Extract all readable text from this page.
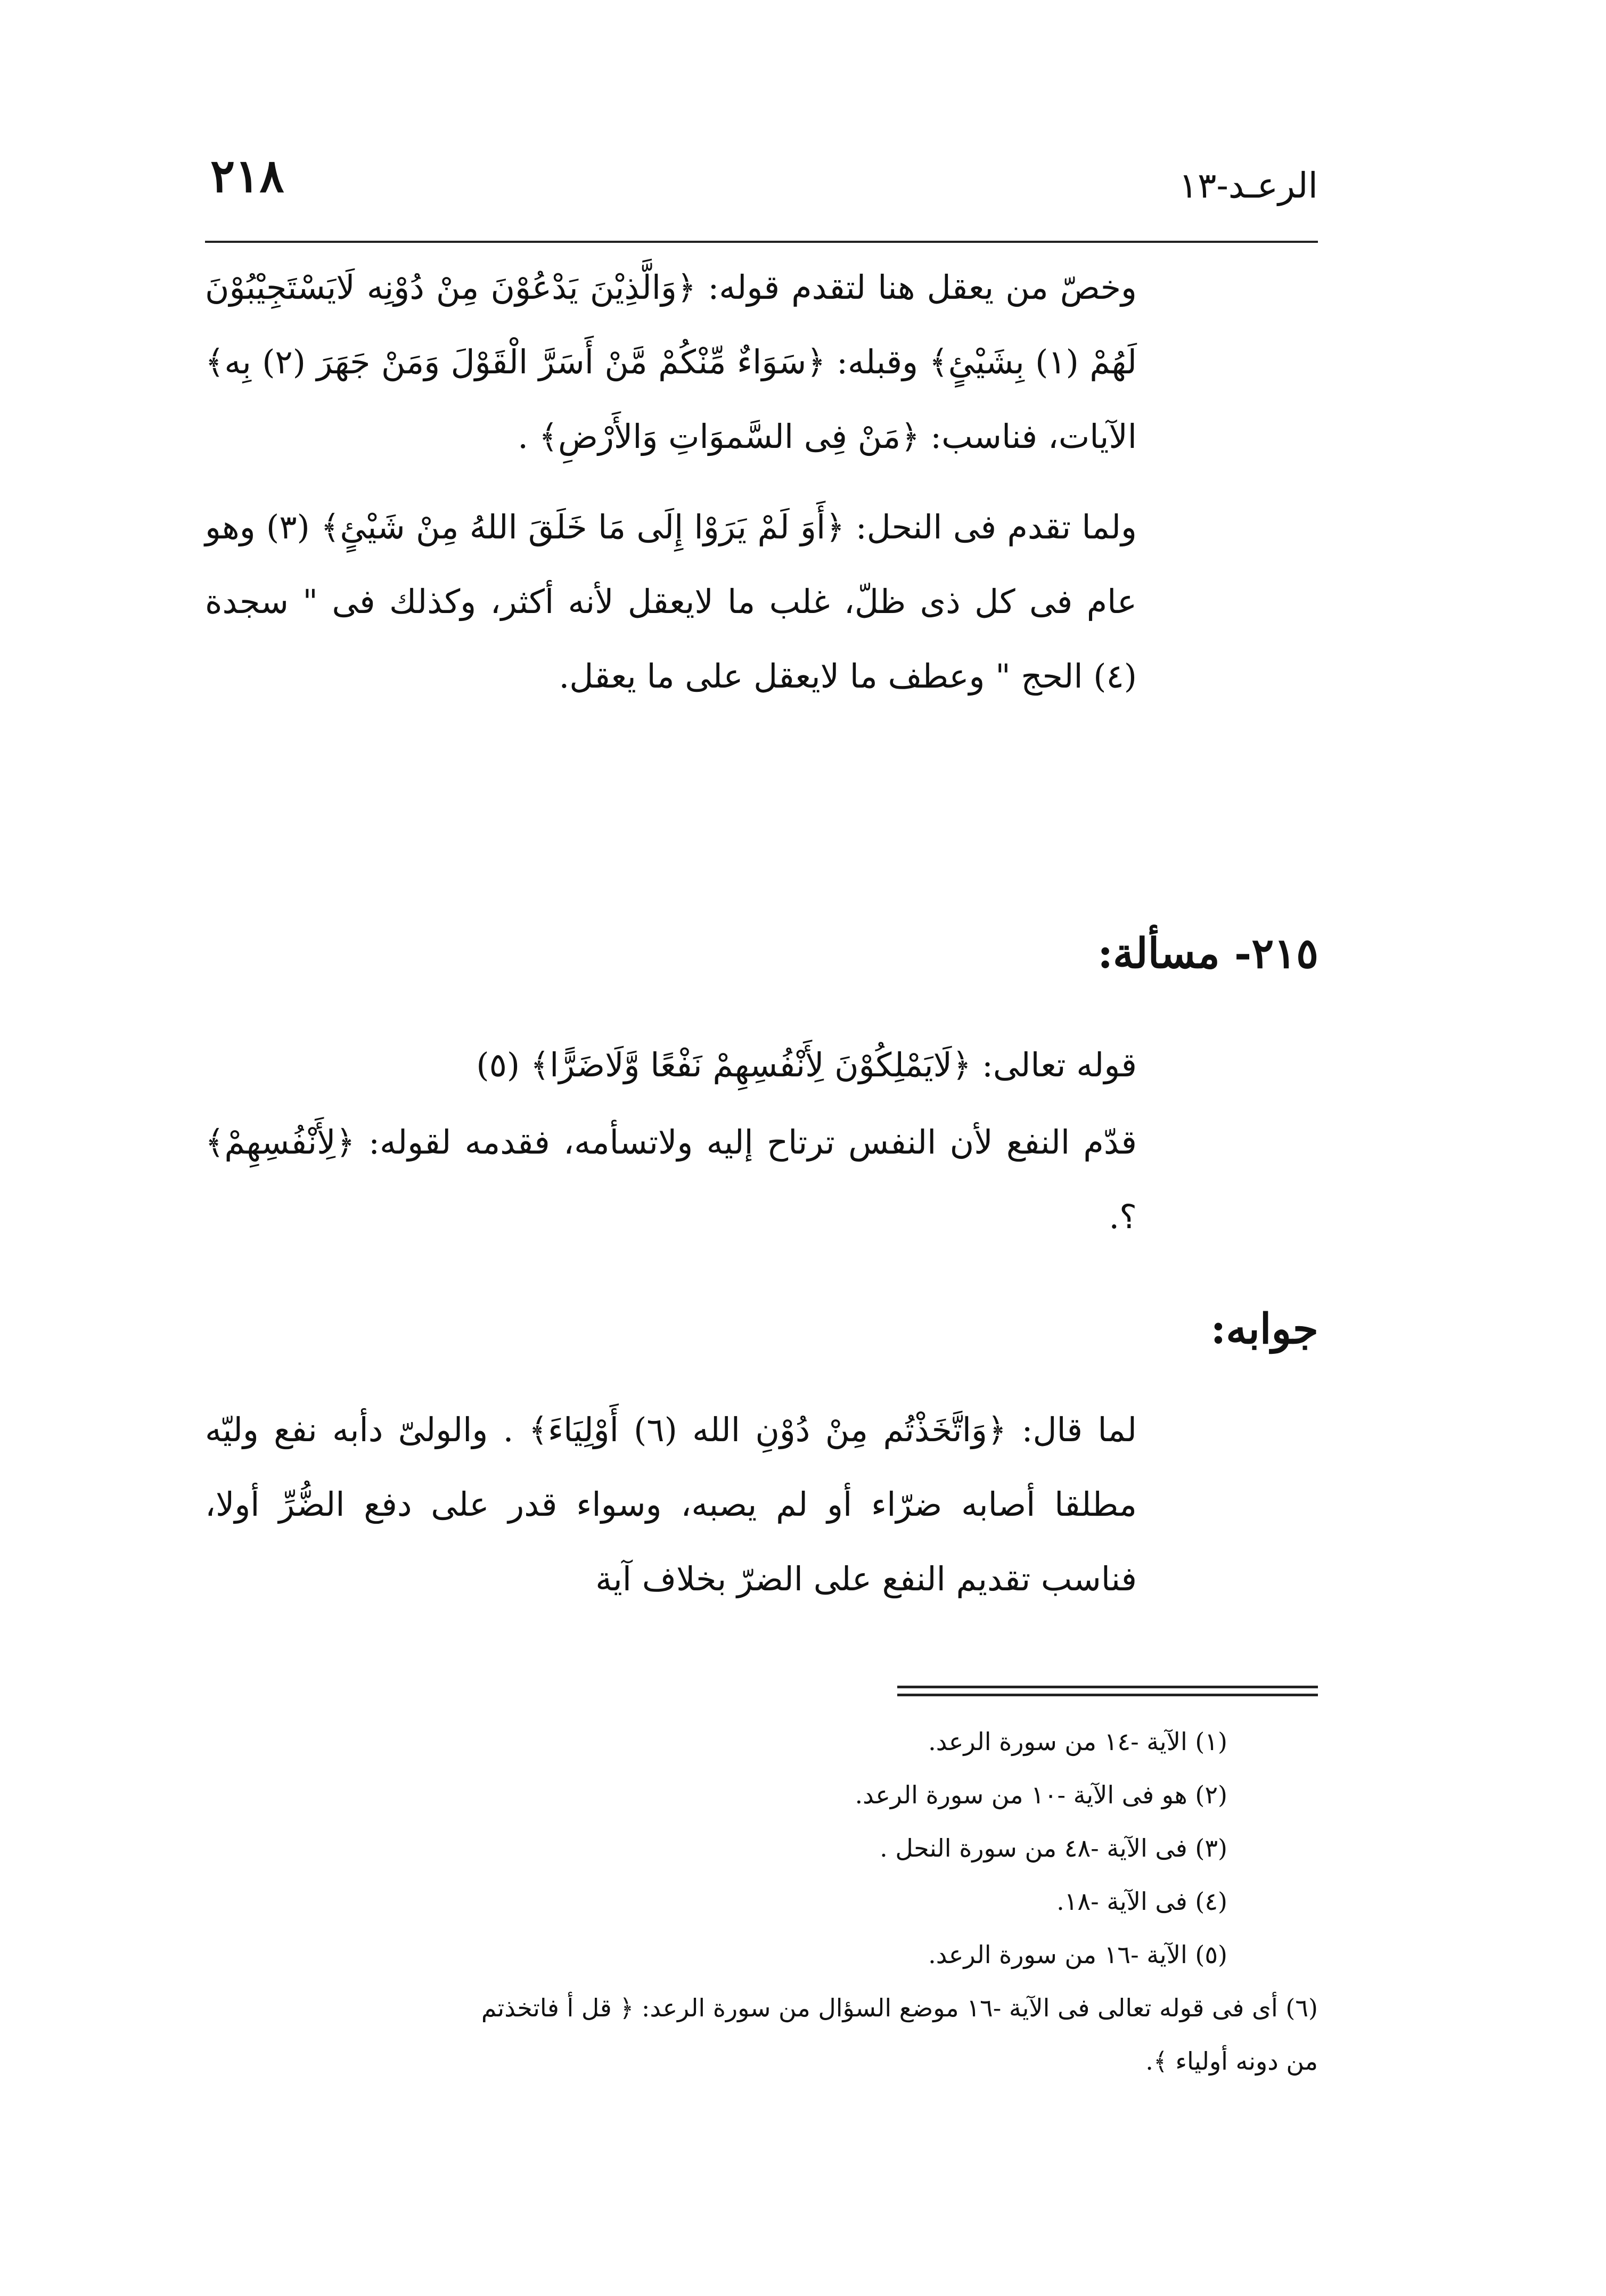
الرعـد-١٣
٢١٨

وخصّ من يعقل هنا لتقدم قوله: ﴿وَالَّذِيْنَ يَدْعُوْنَ مِنْ دُوْنِه لَايَسْتَجِيْبُوْنَ لَهُمْ (١) بِشَيْئٍ﴾ وقبله: ﴿سَوَاءٌ مِّنْكُمْ مَّنْ أَسَرَّ الْقَوْلَ وَمَنْ جَهَرَ (٢) بِه﴾ الآيات، فناسب: ﴿مَنْ فِى السَّموَاتِ وَالأَرْضِ﴾ .

ولما تقدم فى النحل: ﴿أَوَ لَمْ يَرَوْا إِلَى مَا خَلَقَ اللهُ مِنْ شَيْئٍ﴾ (٣) وهو عام فى كل ذى ظلّ، غلب ما لايعقل لأنه أكثر، وكذلك فى " سجدة (٤) الحج " وعطف ما لايعقل على ما يعقل.

٢١٥- مسألة:

قوله تعالى: ﴿لَايَمْلِكُوْنَ لِأَنْفُسِهِمْ نَفْعًا وَّلَاضَرًّا﴾ (٥)

قدّم النفع لأن النفس ترتاح إليه ولاتسأمه، فقدمه لقوله: ﴿لِأَنْفُسِهِمْ﴾ ؟.

جوابه:

لما قال: ﴿وَاتَّخَذْتُم مِنْ دُوْنِ الله (٦) أَوْلِيَاءَ﴾ . والولىّ دأبه نفع وليّه مطلقا أصابه ضرّاء أو لم يصبه، وسواء قدر على دفع الضُّرِّ أولا، فناسب تقديم النفع على الضرّ بخلاف آية

(١) الآية -١٤ من سورة الرعد.
(٢) هو فى الآية -١٠ من سورة الرعد.
(٣) فى الآية -٤٨ من سورة النحل .
(٤) فى الآية -١٨.
(٥) الآية -١٦ من سورة الرعد.
(٦) أى فى قوله تعالى فى الآية -١٦ موضع السؤال من سورة الرعد: ﴿ قل أ فاتخذتم
من دونه أولياء ﴾.
